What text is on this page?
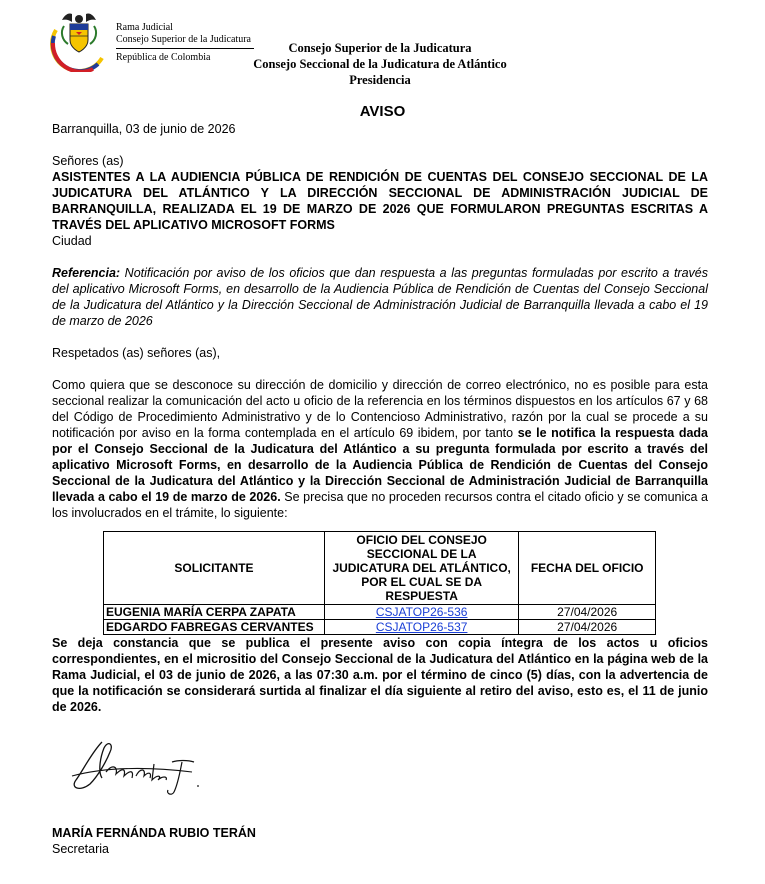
Rama Judicial
Consejo Superior de la Judicatura
República de Colombia
Consejo Superior de la Judicatura
Consejo Seccional de la Judicatura de Atlántico
Presidencia
AVISO
Barranquilla, 03 de junio de 2026
Señores (as)
ASISTENTES A LA AUDIENCIA PÚBLICA DE RENDICIÓN DE CUENTAS DEL CONSEJO SECCIONAL DE LA JUDICATURA DEL ATLÁNTICO Y LA DIRECCIÓN SECCIONAL DE ADMINISTRACIÓN JUDICIAL DE BARRANQUILLA, REALIZADA EL 19 DE MARZO DE 2026 QUE FORMULARON PREGUNTAS ESCRITAS A TRAVÉS DEL APLICATIVO MICROSOFT FORMS
Ciudad
Referencia: Notificación por aviso de los oficios que dan respuesta a las preguntas formuladas por escrito a través del aplicativo Microsoft Forms, en desarrollo de la Audiencia Pública de Rendición de Cuentas del Consejo Seccional de la Judicatura del Atlántico y la Dirección Seccional de Administración Judicial de Barranquilla llevada a cabo el 19 de marzo de 2026
Respetados (as) señores (as),
Como quiera que se desconoce su dirección de domicilio y dirección de correo electrónico, no es posible para esta seccional realizar la comunicación del acto u oficio de la referencia en los términos dispuestos en los artículos 67 y 68 del Código de Procedimiento Administrativo y de lo Contencioso Administrativo, razón por la cual se procede a su notificación por aviso en la forma contemplada en el artículo 69 ibidem, por tanto se le notifica la respuesta dada por el Consejo Seccional de la Judicatura del Atlántico a su pregunta formulada por escrito a través del aplicativo Microsoft Forms, en desarrollo de la Audiencia Pública de Rendición de Cuentas del Consejo Seccional de la Judicatura del Atlántico y la Dirección Seccional de Administración Judicial de Barranquilla llevada a cabo el 19 de marzo de 2026. Se precisa que no proceden recursos contra el citado oficio y se comunica a los involucrados en el trámite, lo siguiente:
SOLICITANTE	OFICIO DEL CONSEJO SECCIONAL DE LA JUDICATURA DEL ATLÁNTICO, POR EL CUAL SE DA RESPUESTA	FECHA DEL OFICIO
EUGENIA MARÍA CERPA ZAPATA	CSJATOP26-536	27/04/2026
EDGARDO FABREGAS CERVANTES	CSJATOP26-537	27/04/2026
Se deja constancia que se publica el presente aviso con copia íntegra de los actos u oficios correspondientes, en el micrositio del Consejo Seccional de la Judicatura del Atlántico en la página web de la Rama Judicial, el 03 de junio de 2026, a las 07:30 a.m. por el término de cinco (5) días, con la advertencia de que la notificación se considerará surtida al finalizar el día siguiente al retiro del aviso, esto es, el 11 de junio de 2026.
MARÍA FERNÁNDA RUBIO TERÁN
Secretaria
